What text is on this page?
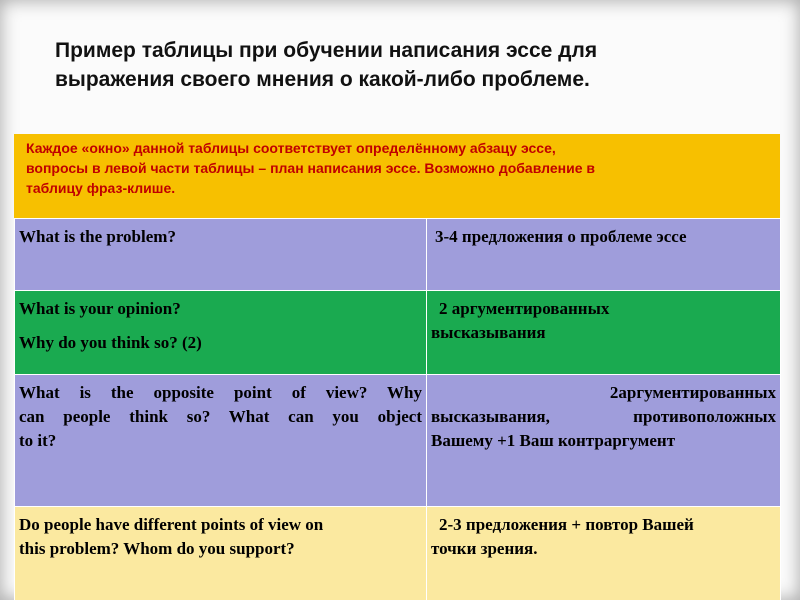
Пример таблицы при обучении написания эссе для
выражения своего мнения о какой-либо проблеме.
Каждое «окно» данной таблицы соответствует определённому абзацу эссе,
вопросы в левой части таблицы – план написания эссе. Возможно добавление в
таблицу фраз-клише.
What is the problem?	3-4 предложения о проблеме эссе

What is your opinion?
Why do you think so? (2)	2 аргументированных
высказывания

What is the opposite point of view? Why
can people think so? What can you object
to it?	2аргументированных
высказывания, противоположных
Вашему +1 Ваш контраргумент

Do people have different points of view on
this problem? Whom do you support?	2-3 предложения + повтор Вашей
точки зрения.
